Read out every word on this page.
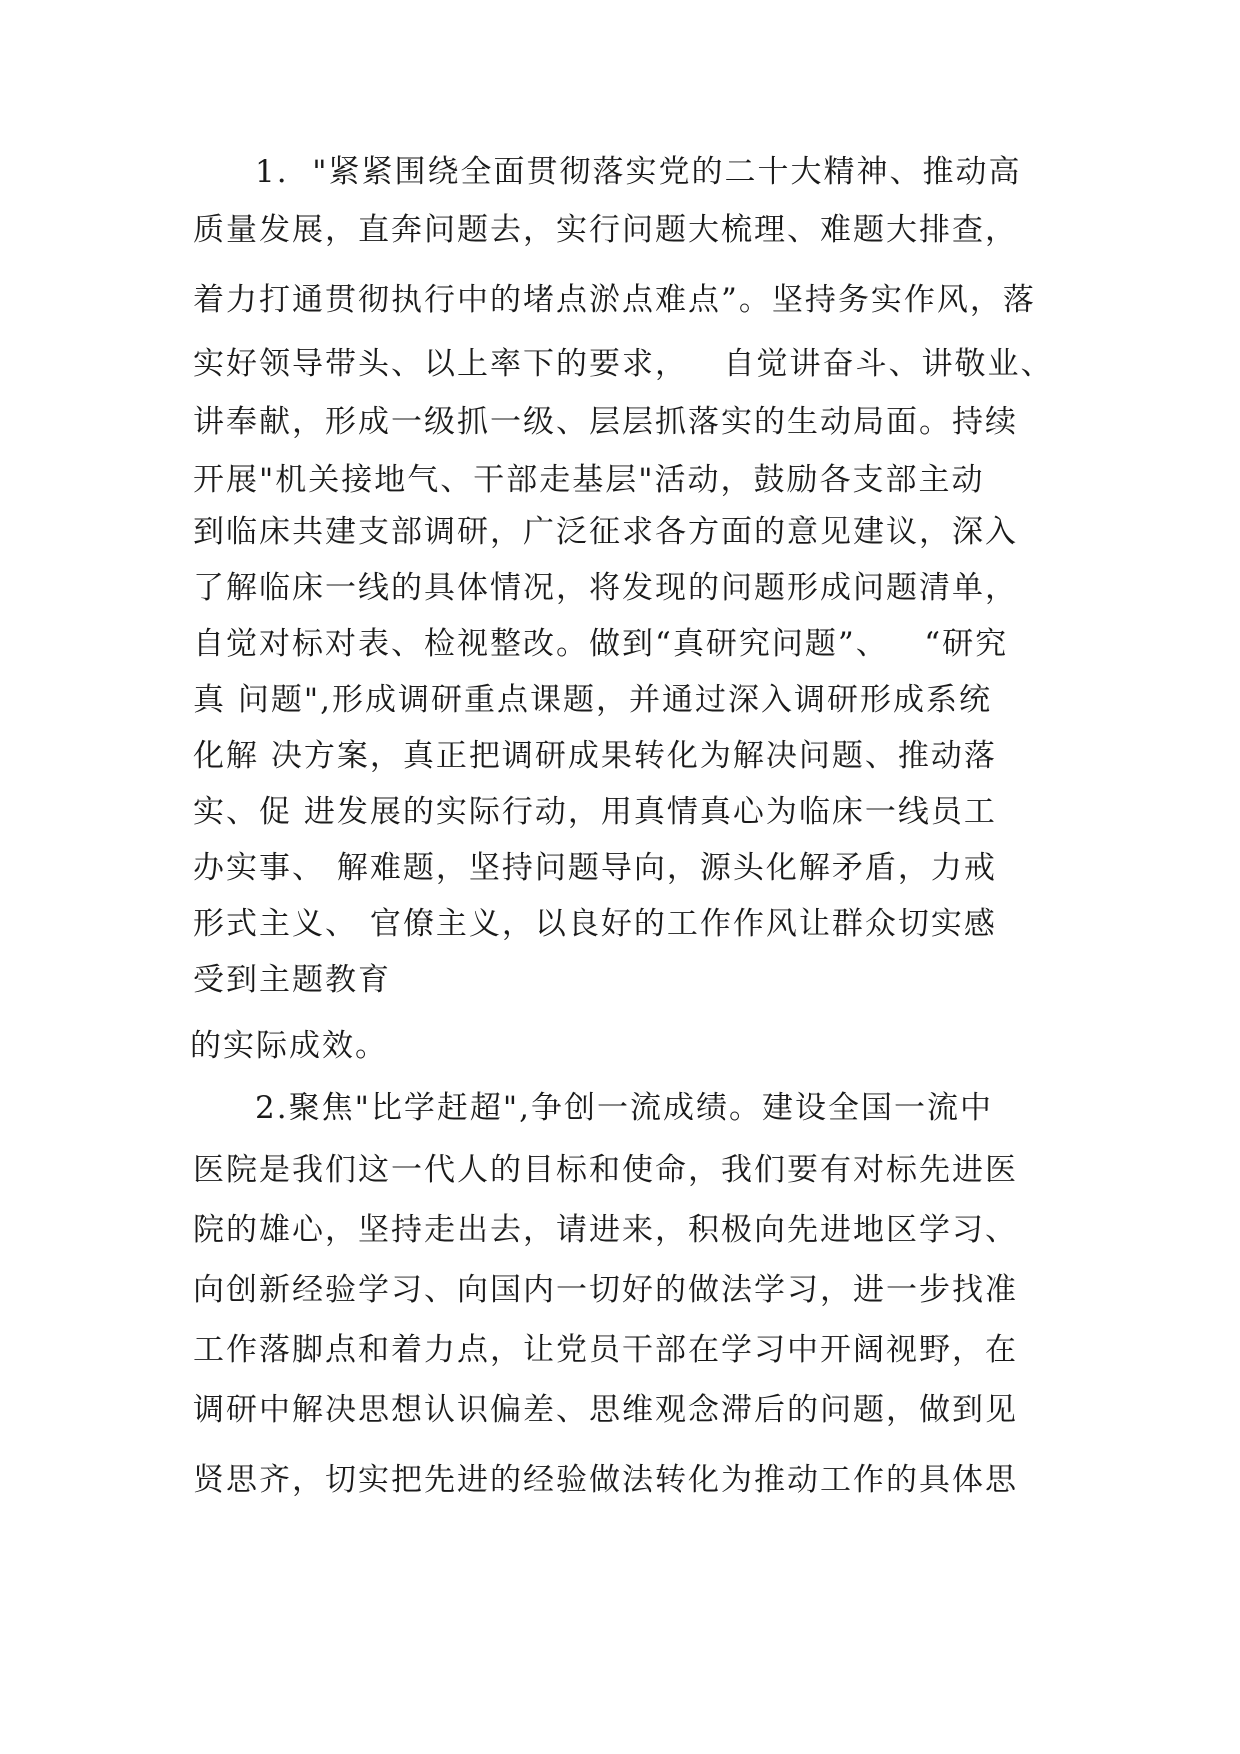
1.  "紧紧围绕全面贯彻落实党的二十大精神、推动高
质量发展，直奔问题去，实行问题大梳理、难题大排查，
着力打通贯彻执行中的堵点淤点难点”。坚持务实作风，落
实好领导带头、以上率下的要求，   自觉讲奋斗、讲敬业、
讲奉献，形成一级抓一级、层层抓落实的生动局面。持续
开展"机关接地气、干部走基层"活动，鼓励各支部主动
到临床共建支部调研，广泛征求各方面的意见建议，深入
了解临床一线的具体情况，将发现的问题形成问题清单，
自觉对标对表、检视整改。做到“真研究问题”、   “研究
真 问题",形成调研重点课题，并通过深入调研形成系统
化解 决方案，真正把调研成果转化为解决问题、推动落
实、促 进发展的实际行动，用真情真心为临床一线员工
办实事、 解难题，坚持问题导向，源头化解矛盾，力戒
形式主义、 官僚主义，以良好的工作作风让群众切实感
受到主题教育
的实际成效。
2.聚焦"比学赶超",争创一流成绩。建设全国一流中
医院是我们这一代人的目标和使命，我们要有对标先进医
院的雄心，坚持走出去，请进来，积极向先进地区学习、
向创新经验学习、向国内一切好的做法学习，进一步找准
工作落脚点和着力点，让党员干部在学习中开阔视野，在
调研中解决思想认识偏差、思维观念滞后的问题，做到见
贤思齐，切实把先进的经验做法转化为推动工作的具体思
